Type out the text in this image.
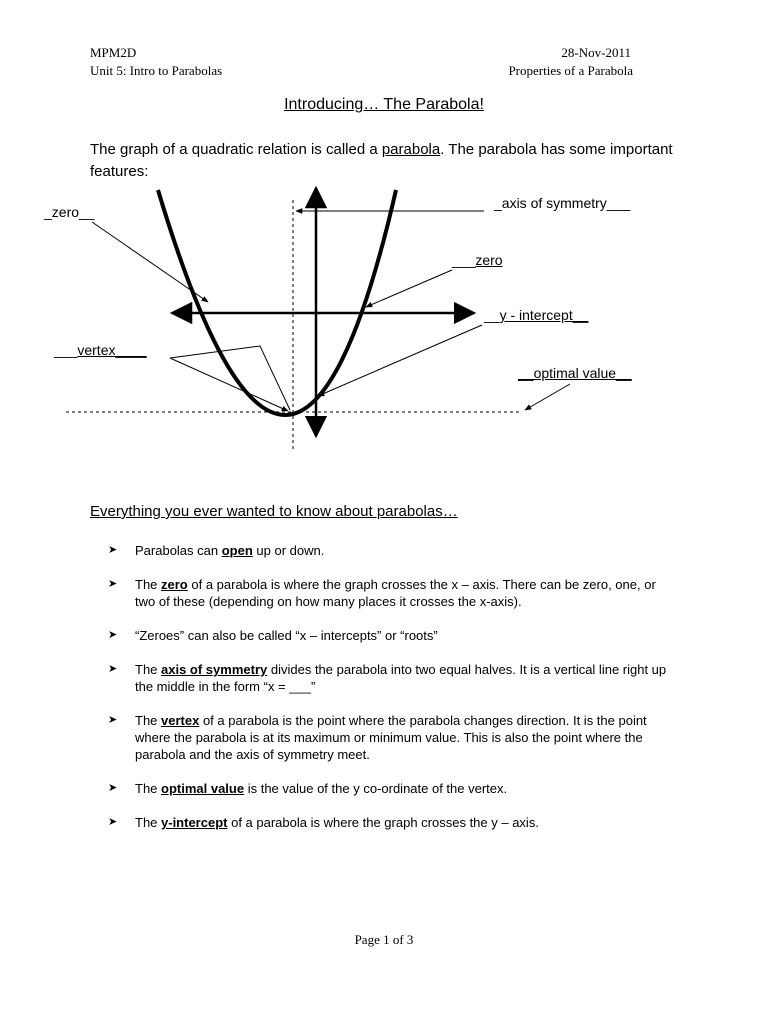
MPM2D
Unit 5: Intro to Parabolas
28-Nov-2011
Properties of a Parabola
Introducing… The Parabola!
The graph of a quadratic relation is called a parabola. The parabola has some important features:
_zero__
_axis of symmetry___
___zero
__y - intercept__
___vertex____
__optimal value__
Everything you ever wanted to know about parabolas…
➤ Parabolas can open up or down.
➤ The zero of a parabola is where the graph crosses the x – axis. There can be zero, one, or two of these (depending on how many places it crosses the x-axis).
➤ “Zeroes” can also be called “x – intercepts” or “roots”
➤ The axis of symmetry divides the parabola into two equal halves. It is a vertical line right up the middle in the form “x = ___”
➤ The vertex of a parabola is the point where the parabola changes direction. It is the point where the parabola is at its maximum or minimum value. This is also the point where the parabola and the axis of symmetry meet.
➤ The optimal value is the value of the y co-ordinate of the vertex.
➤ The y-intercept of a parabola is where the graph crosses the y – axis.
Page 1 of 3
